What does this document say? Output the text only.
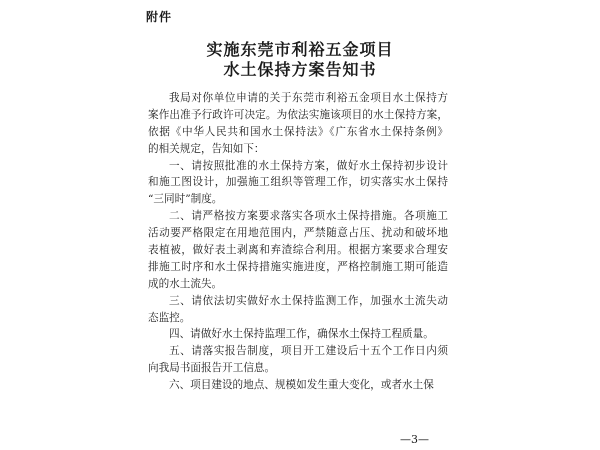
附件
实施东莞市利裕五金项目
水土保持方案告知书
我局对你单位申请的关于东莞市利裕五金项目水土保持方
案作出准予行政许可决定。为依法实施该项目的水土保持方案，
依据《中华人民共和国水土保持法》《广东省水土保持条例》
的相关规定，告知如下：
一、请按照批准的水土保持方案，做好水土保持初步设计
和施工图设计，加强施工组织等管理工作，切实落实水土保持
“三同时”制度。
二、请严格按方案要求落实各项水土保持措施。各项施工
活动要严格限定在用地范围内，严禁随意占压、扰动和破坏地
表植被，做好表土剥离和弃渣综合利用。根据方案要求合理安
排施工时序和水土保持措施实施进度，严格控制施工期可能造
成的水土流失。
三、请依法切实做好水土保持监测工作，加强水土流失动
态监控。
四、请做好水土保持监理工作，确保水土保持工程质量。
五、请落实报告制度，项目开工建设后十五个工作日内须
向我局书面报告开工信息。
六、项目建设的地点、规模如发生重大变化，或者水土保
—3—
